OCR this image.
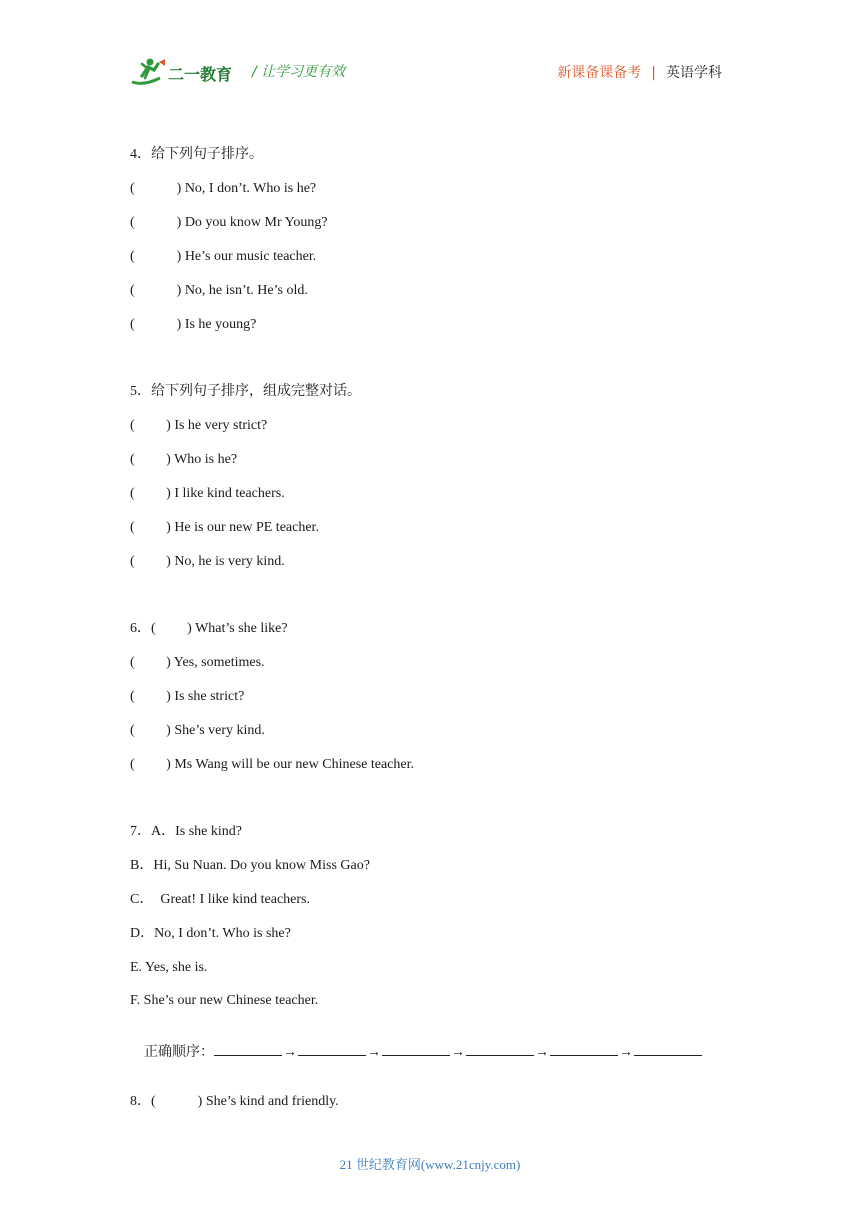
二一教育 / 让学习更有效	新课备课备考 | 英语学科
4．给下列句子排序。
(            ) No, I don’t. Who is he?
(            ) Do you know Mr Young?
(            ) He’s our music teacher.
(            ) No, he isn’t. He’s old.
(            ) Is he young?
5．给下列句子排序，组成完整对话。
(         ) Is he very strict?
(         ) Who is he?
(         ) I like kind teachers.
(         ) He is our new PE teacher.
(         ) No, he is very kind.
6．(         ) What’s she like?
(         ) Yes, sometimes.
(         ) Is she strict?
(         ) She’s very kind.
(         ) Ms Wang will be our new Chinese teacher.
7．A．Is she kind?
B．Hi, Su Nuan. Do you know Miss Gao?
C．  Great! I like kind teachers.
D．No, I don’t. Who is she?
E. Yes, she is.
F. She’s our new Chinese teacher.

正确顺序：	→	→	→	→	→

8．(            ) She’s kind and friendly.
21 世纪教育网(www.21cnjy.com)
